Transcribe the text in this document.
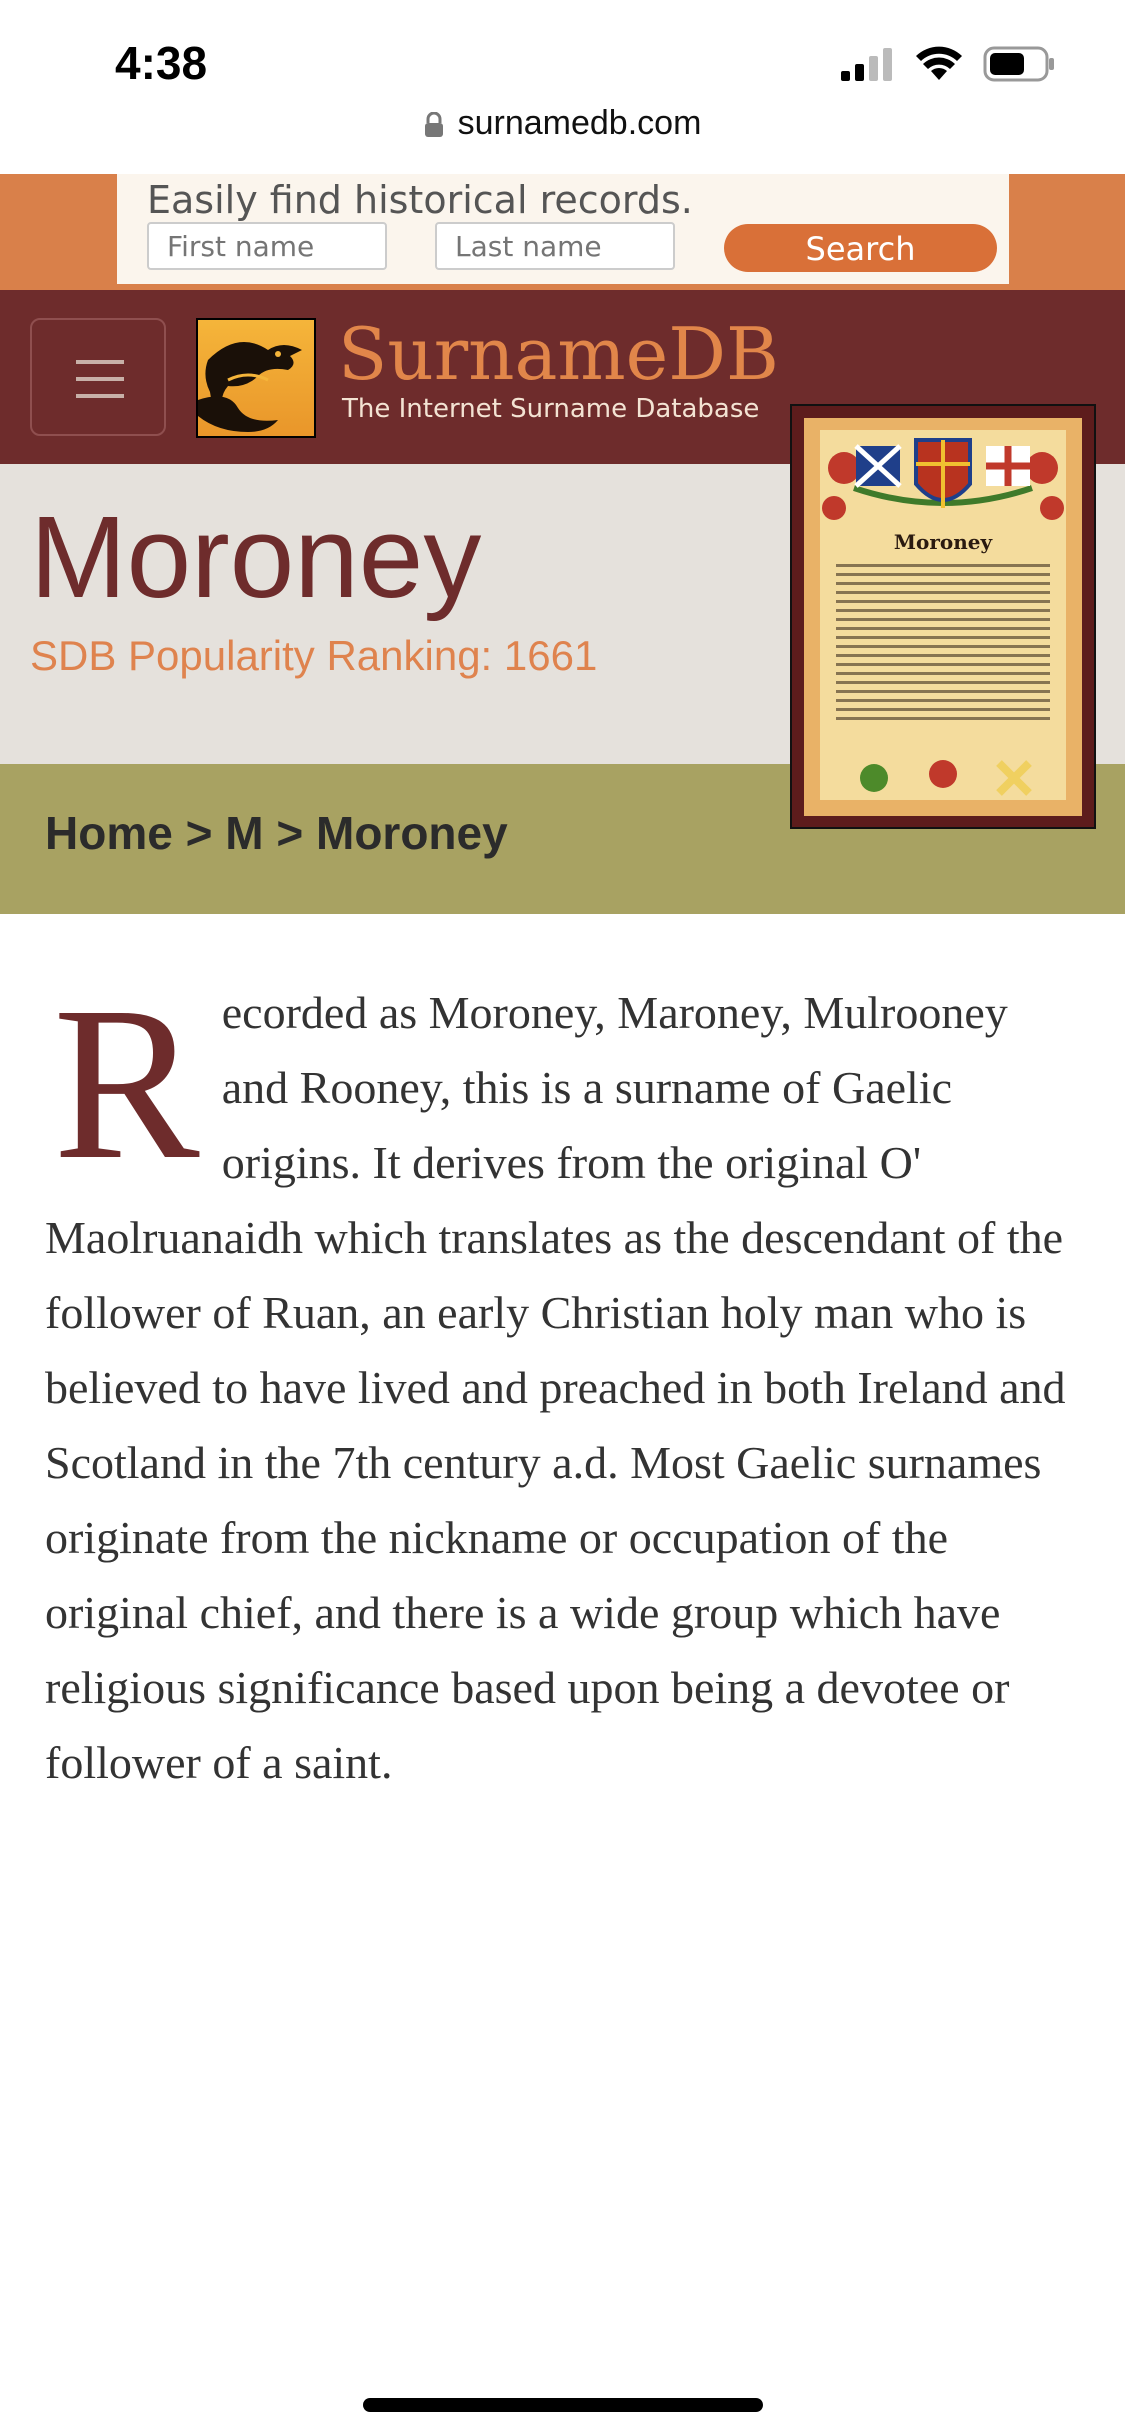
4:38
surnamedb.com
Easily find historical records.
First name
Last name
Search
SurnameDB
The Internet Surname Database
Moroney
SDB Popularity Ranking: 1661
Home > M > Moroney
Moroney
Recorded as Moroney, Maroney, Mulrooney and Rooney, this is a surname of Gaelic origins. It derives from the original O' Maolruanaidh which translates as the descendant of the follower of Ruan, an early Christian holy man who is believed to have lived and preached in both Ireland and Scotland in the 7th century a.d. Most Gaelic surnames originate from the nickname or occupation of the original chief, and there is a wide group which have religious significance based upon being a devotee or follower of a saint.
